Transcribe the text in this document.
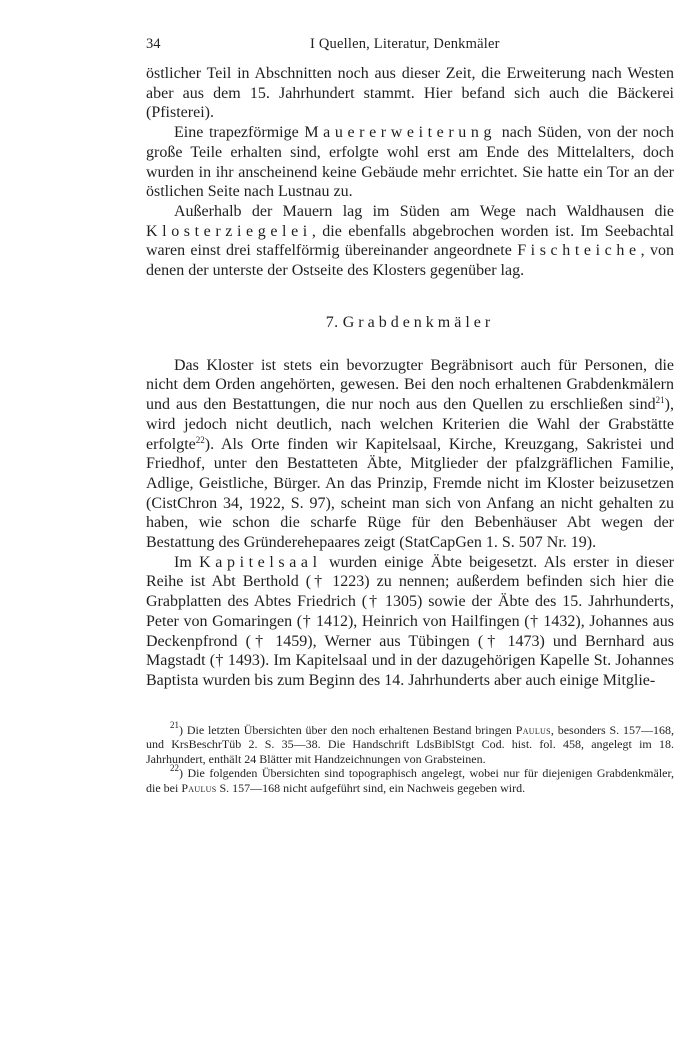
34	I Quellen, Literatur, Denkmäler

östlicher Teil in Abschnitten noch aus dieser Zeit, die Erweiterung nach Westen aber aus dem 15. Jahrhundert stammt. Hier befand sich auch die Bäckerei (Pfisterei).

Eine trapezförmige Mauererweiterung nach Süden, von der noch große Teile erhalten sind, erfolgte wohl erst am Ende des Mittelalters, doch wurden in ihr anscheinend keine Gebäude mehr errichtet. Sie hatte ein Tor an der östlichen Seite nach Lustnau zu.

Außerhalb der Mauern lag im Süden am Wege nach Waldhausen die Klosterziegelei, die ebenfalls abgebrochen worden ist. Im Seebachtal waren einst drei staffelförmig übereinander angeordnete Fischteiche, von denen der unterste der Ostseite des Klosters gegenüber lag.

7. Grabdenkmäler

Das Kloster ist stets ein bevorzugter Begräbnisort auch für Personen, die nicht dem Orden angehörten, gewesen. Bei den noch erhaltenen Grabdenkmälern und aus den Bestattungen, die nur noch aus den Quellen zu erschließen sind$^{21}$), wird jedoch nicht deutlich, nach welchen Kriterien die Wahl der Grabstätte erfolgte$^{22}$). Als Orte finden wir Kapitelsaal, Kirche, Kreuzgang, Sakristei und Friedhof, unter den Bestatteten Äbte, Mitglieder der pfalzgräflichen Familie, Adlige, Geistliche, Bürger. An das Prinzip, Fremde nicht im Kloster beizusetzen (CistChron 34, 1922, S. 97), scheint man sich von Anfang an nicht gehalten zu haben, wie schon die scharfe Rüge für den Bebenhäuser Abt wegen der Bestattung des Gründerehepaares zeigt (StatCapGen 1. S. 507 Nr. 19).

Im Kapitelsaal wurden einige Äbte beigesetzt. Als erster in dieser Reihe ist Abt Berthold († 1223) zu nennen; außerdem befinden sich hier die Grabplatten des Abtes Friedrich († 1305) sowie der Äbte des 15. Jahrhunderts, Peter von Gomaringen († 1412), Heinrich von Hailfingen († 1432), Johannes aus Deckenpfrond († 1459), Werner aus Tübingen († 1473) und Bernhard aus Magstadt († 1493). Im Kapitelsaal und in der dazugehörigen Kapelle St. Johannes Baptista wurden bis zum Beginn des 14. Jahrhunderts aber auch einige Mitglie-

$^{21}$) Die letzten Übersichten über den noch erhaltenen Bestand bringen Paulus, besonders S. 157—168, und KrsBeschrTüb 2. S. 35—38. Die Handschrift LdsBiblStgt Cod. hist. fol. 458, angelegt im 18. Jahrhundert, enthält 24 Blätter mit Handzeichnungen von Grabsteinen.

$^{22}$) Die folgenden Übersichten sind topographisch angelegt, wobei nur für diejenigen Grabdenkmäler, die bei Paulus S. 157—168 nicht aufgeführt sind, ein Nachweis gegeben wird.
